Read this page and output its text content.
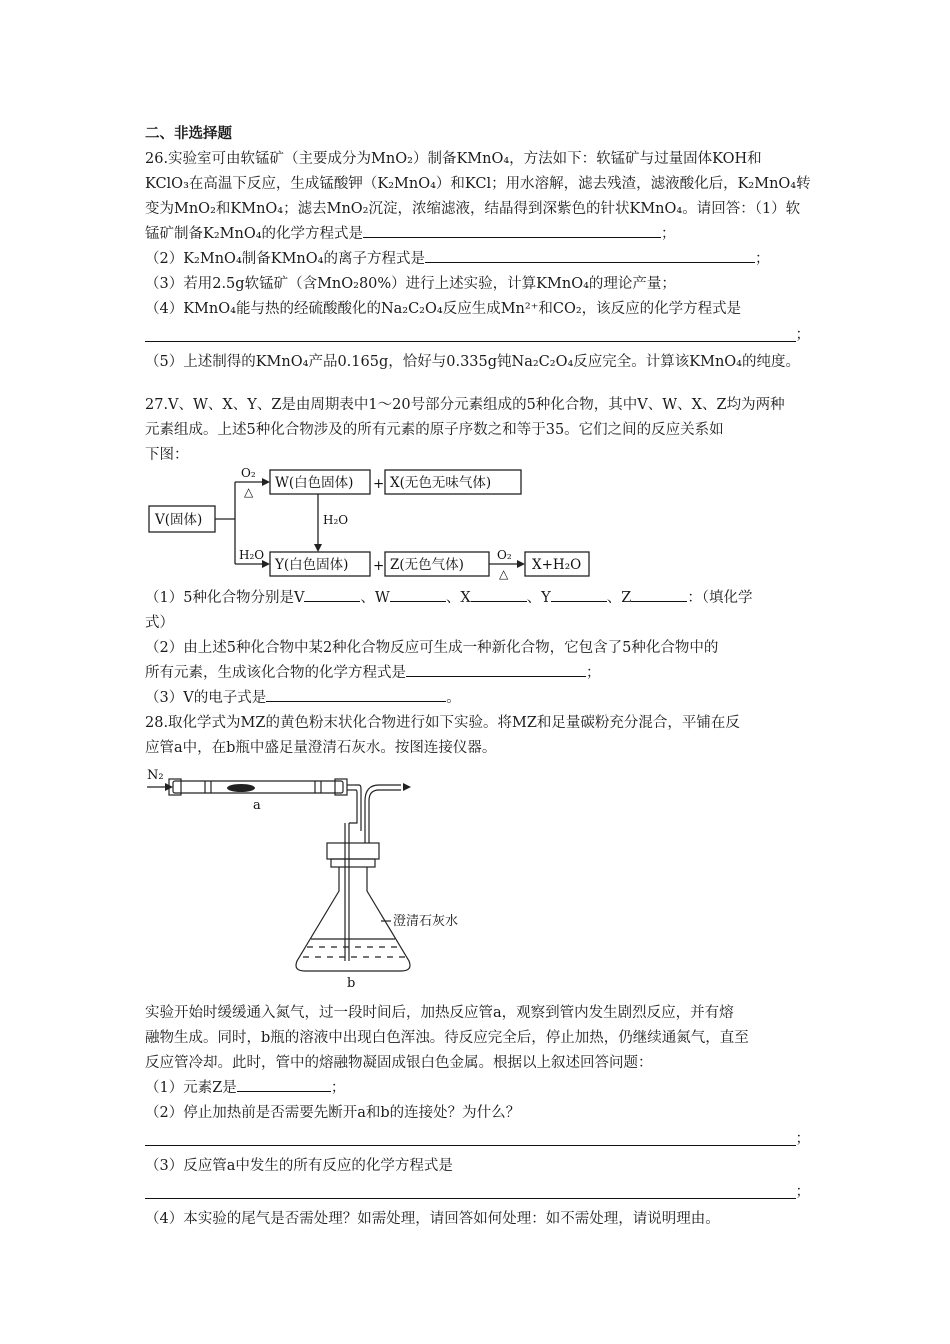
二、非选择题
26.实验室可由软锰矿（主要成分为MnO₂）制备KMnO₄，方法如下：软锰矿与过量固体KOH和
KClO₃在高温下反应，生成锰酸钾（K₂MnO₄）和KCl；用水溶解，滤去残渣，滤液酸化后，K₂MnO₄转
变为MnO₂和KMnO₄；滤去MnO₂沉淀，浓缩滤液，结晶得到深紫色的针状KMnO₄。请回答：（1）软
锰矿制备K₂MnO₄的化学方程式是	；
（2）K₂MnO₄制备KMnO₄的离子方程式是	；
（3）若用2.5g软锰矿（含MnO₂80%）进行上述实验，计算KMnO₄的理论产量；
（4）KMnO₄能与热的经硫酸酸化的Na₂C₂O₄反应生成Mn²⁺和CO₂，该反应的化学方程式是
；
（5）上述制得的KMnO₄产品0.165g，恰好与0.335g钝Na₂C₂O₄反应完全。计算该KMnO₄的纯度。
27.V、W、X、Y、Z是由周期表中1～20号部分元素组成的5种化合物，其中V、W、X、Z均为两种
元素组成。上述5种化合物涉及的所有元素的原子序数之和等于35。它们之间的反应关系如
下图：
V(固体)
W(白色固体)	X(无色无味气体)
Y(白色固体)	Z(无色气体)	X+H₂O
+
+
O₂
△
H₂O
H₂O
O₂
△
（1）5种化合物分别是V	、W	、X	、Y	、Z	：（填化学
式）
（2）由上述5种化合物中某2种化合物反应可生成一种新化合物，它包含了5种化合物中的
所有元素，生成该化合物的化学方程式是	；
（3）V的电子式是	。
28.取化学式为MZ的黄色粉末状化合物进行如下实验。将MZ和足量碳粉充分混合，平铺在反
应管a中，在b瓶中盛足量澄清石灰水。按图连接仪器。
N₂
a
b
澄清石灰水
实验开始时缓缓通入氮气，过一段时间后，加热反应管a，观察到管内发生剧烈反应，并有熔
融物生成。同时，b瓶的溶液中出现白色浑浊。待反应完全后，停止加热，仍继续通氮气，直至
反应管冷却。此时，管中的熔融物凝固成银白色金属。根据以上叙述回答问题：
（1）元素Z是	；
（2）停止加热前是否需要先断开a和b的连接处？为什么？
；
（3）反应管a中发生的所有反应的化学方程式是
；
（4）本实验的尾气是否需处理？如需处理，请回答如何处理：如不需处理，请说明理由。
